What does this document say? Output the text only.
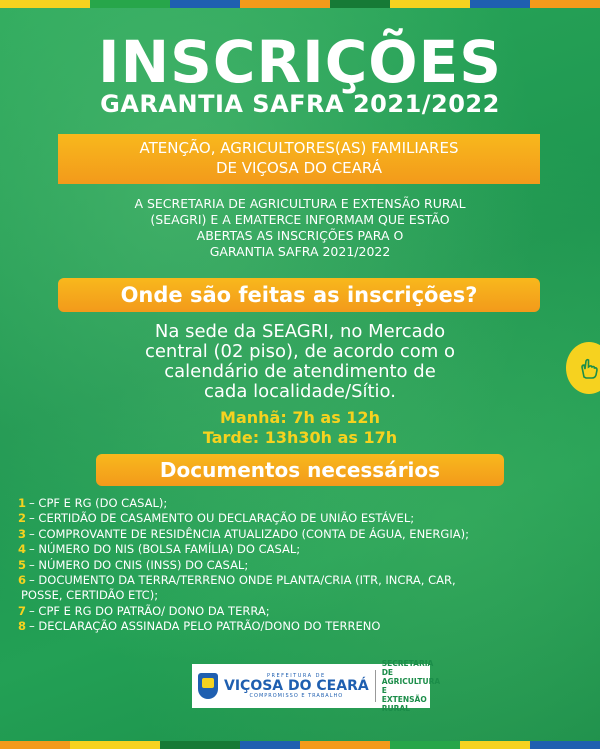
INSCRIÇÕES
GARANTIA SAFRA 2021/2022
ATENÇÃO, AGRICULTORES(AS) FAMILIARES
DE VIÇOSA DO CEARÁ
A SECRETARIA DE AGRICULTURA E EXTENSÃO RURAL
(SEAGRI) E A EMATERCE INFORMAM QUE ESTÃO
ABERTAS AS INSCRIÇÕES PARA O
GARANTIA SAFRA 2021/2022
Onde são feitas as inscrições?
Na sede da SEAGRI, no Mercado
central (02 piso), de acordo com o
calendário de atendimento de
cada localidade/Sítio.
Manhã: 7h as 12h
Tarde: 13h30h as 17h
Documentos necessários
1 – CPF E RG (DO CASAL);
2 – CERTIDÃO DE CASAMENTO OU DECLARAÇÃO DE UNIÃO ESTÁVEL;
3 – COMPROVANTE DE RESIDÊNCIA ATUALIZADO (CONTA DE ÁGUA, ENERGIA);
4 – NÚMERO DO NIS (BOLSA FAMÍLIA) DO CASAL;
5 – NÚMERO DO CNIS (INSS) DO CASAL;
6 – DOCUMENTO DA TERRA/TERRENO ONDE PLANTA/CRIA (ITR, INCRA, CAR,
POSSE, CERTIDÃO ETC);
7 – CPF E RG DO PATRÃO/ DONO DA TERRA;
8 – DECLARAÇÃO ASSINADA PELO PATRÃO/DONO DO TERRENO
PREFEITURA DE
VIÇOSA DO CEARÁ
COMPROMISSO E TRABALHO
SECRETARIA DE
AGRICULTURA E
EXTENSÃO RURAL
